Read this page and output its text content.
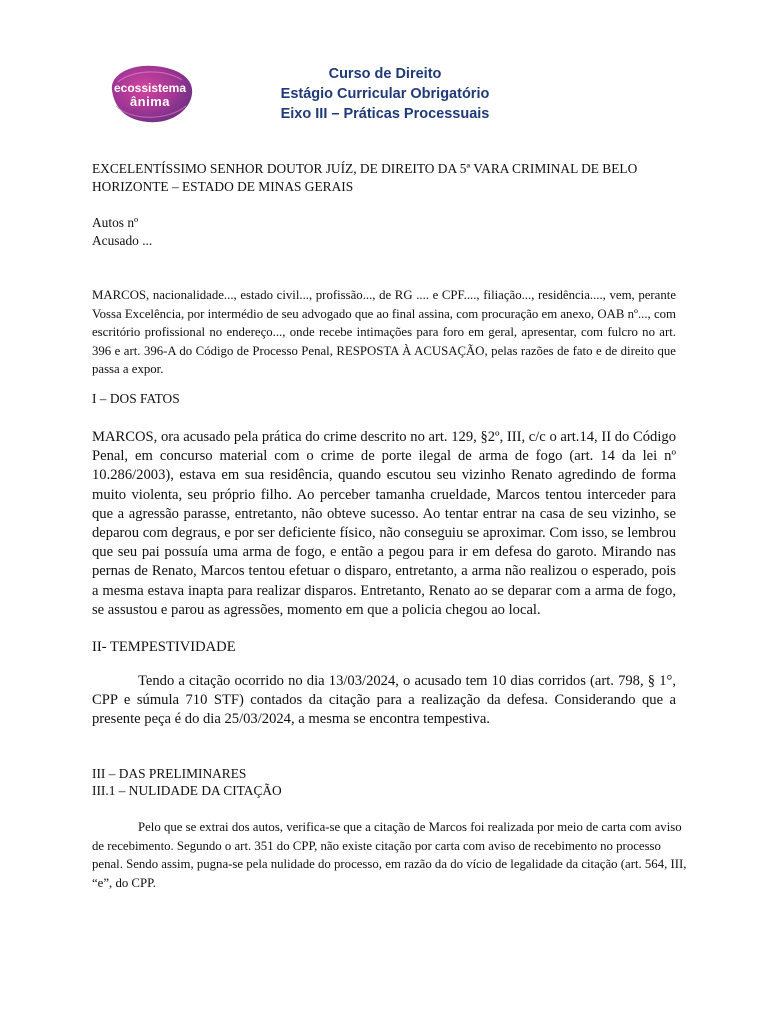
ecossistema
ânima
Curso de Direito
Estágio Curricular Obrigatório
Eixo III – Práticas Processuais
EXCELENTÍSSIMO SENHOR DOUTOR JUÍZ, DE DIREITO DA 5ª VARA CRIMINAL DE BELO
HORIZONTE – ESTADO DE MINAS GERAIS
Autos nº
Acusado ...
MARCOS, nacionalidade..., estado civil..., profissão..., de RG .... e CPF...., filiação..., residência...., vem, perante Vossa Excelência, por intermédio de seu advogado que ao final assina, com procuração em anexo, OAB nº..., com escritório profissional no endereço..., onde recebe intimações para foro em geral, apresentar, com fulcro no art. 396 e art. 396-A do Código de Processo Penal, RESPOSTA À ACUSAÇÃO, pelas razões de fato e de direito que passa a expor.
I – DOS FATOS
MARCOS, ora acusado pela prática do crime descrito no art. 129, §2º, III, c/c o art.14, II do Código Penal, em concurso material com o crime de porte ilegal de arma de fogo (art. 14 da lei nº 10.286/2003), estava em sua residência, quando escutou seu vizinho Renato agredindo de forma muito violenta, seu próprio filho. Ao perceber tamanha crueldade, Marcos tentou interceder para que a agressão parasse, entretanto, não obteve sucesso. Ao tentar entrar na casa de seu vizinho, se deparou com degraus, e por ser deficiente físico, não conseguiu se aproximar. Com isso, se lembrou que seu pai possuía uma arma de fogo, e então a pegou para ir em defesa do garoto. Mirando nas pernas de Renato, Marcos tentou efetuar o disparo, entretanto, a arma não realizou o esperado, pois a mesma estava inapta para realizar disparos. Entretanto, Renato ao se deparar com a arma de fogo, se assustou e parou as agressões, momento em que a policia chegou ao local.
II- TEMPESTIVIDADE
Tendo a citação ocorrido no dia 13/03/2024, o acusado tem 10 dias corridos (art. 798, § 1°, CPP e súmula 710 STF) contados da citação para a realização da defesa. Considerando que a presente peça é do dia 25/03/2024, a mesma se encontra tempestiva.
III – DAS PRELIMINARES
III.1 – NULIDADE DA CITAÇÃO
Pelo que se extrai dos autos, verifica-se que a citação de Marcos foi realizada por meio de carta com aviso de recebimento. Segundo o art. 351 do CPP, não existe citação por carta com aviso de recebimento no processo penal. Sendo assim, pugna-se pela nulidade do processo, em razão da do vício de legalidade da citação (art. 564, III, “e”, do CPP.
